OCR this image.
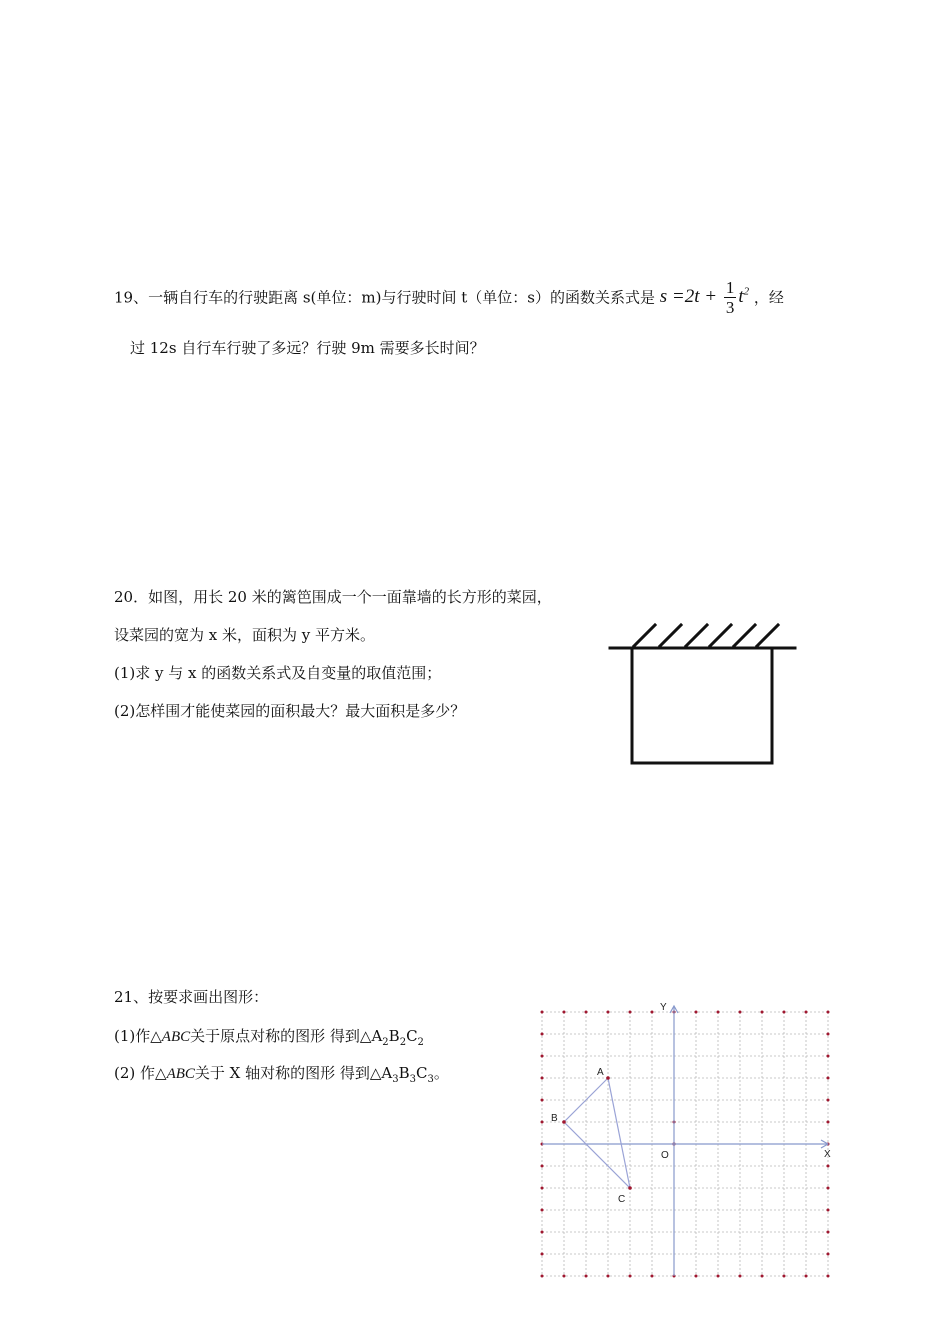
19、一辆自行车的行驶距离 s(单位：m)与行驶时间 t（单位：s）的函数关系式是 $s =2t + \frac{1}{3} t^2$ ，经
过 12s 自行车行驶了多远？行驶 9m 需要多长时间？
20．如图，用长 20 米的篱笆围成一个一面靠墙的长方形的菜园，
设菜园的宽为 x 米，面积为 y 平方米。
(1)求 y 与 x 的函数关系式及自变量的取值范围；
(2)怎样围才能使菜园的面积最大？最大面积是多少？
21、按要求画出图形：
(1)作△ABC关于原点对称的图形 得到$\triangle A_2B_2C_2$
(2) 作△ABC关于 X 轴对称的图形 得到$\triangle A_3B_3C_3$。	A
B
C
O	X
Y
